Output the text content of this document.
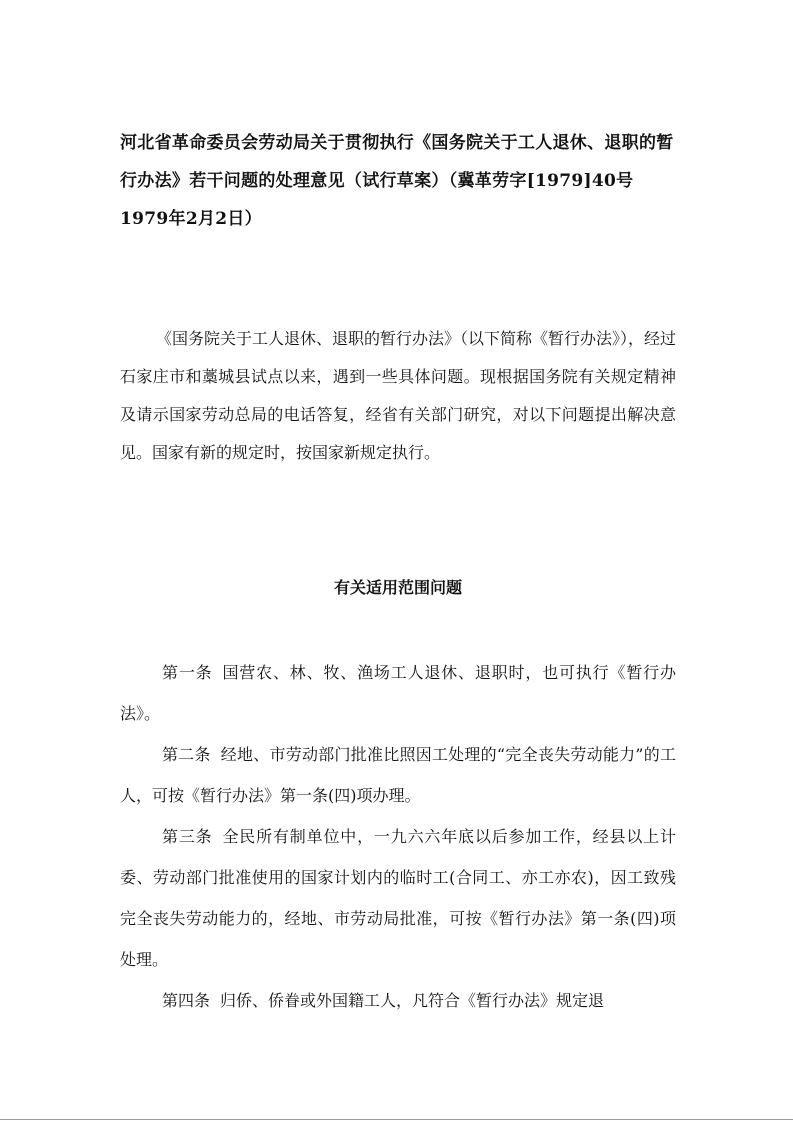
河北省革命委员会劳动局关于贯彻执行《国务院关于工人退休、退职的暂行办法》若干问题的处理意见（试行草案）（冀革劳字[1979]40号 1979年2月2日）

《国务院关于工人退休、退职的暂行办法》（以下简称《暂行办法》），经过石家庄市和藁城县试点以来，遇到一些具体问题。现根据国务院有关规定精神及请示国家劳动总局的电话答复，经省有关部门研究，对以下问题提出解决意见。国家有新的规定时，按国家新规定执行。

有关适用范围问题

第一条 国营农、林、牧、渔场工人退休、退职时，也可执行《暂行办法》。

第二条 经地、市劳动部门批准比照因工处理的“完全丧失劳动能力”的工人，可按《暂行办法》第一条(四)项办理。

第三条 全民所有制单位中，一九六六年底以后参加工作，经县以上计委、劳动部门批准使用的国家计划内的临时工(合同工、亦工亦农)，因工致残完全丧失劳动能力的，经地、市劳动局批准，可按《暂行办法》第一条(四)项处理。

第四条 归侨、侨眷或外国籍工人，凡符合《暂行办法》规定退
